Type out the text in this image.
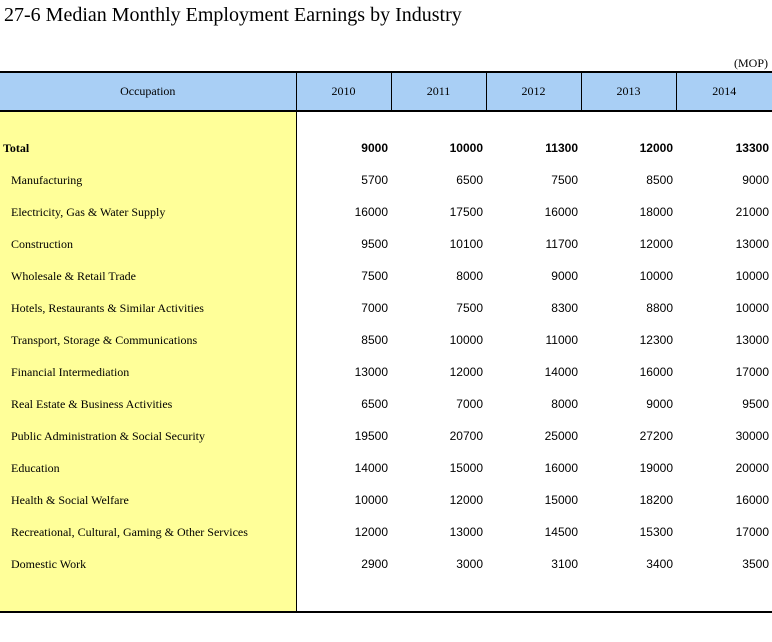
27-6 Median Monthly Employment Earnings by Industry
(MOP)
Occupation	2010	2011	2012	2013	2014

Total	9000	10000	11300	12000	13300
Manufacturing	5700	6500	7500	8500	9000
Electricity, Gas & Water Supply	16000	17500	16000	18000	21000
Construction	9500	10100	11700	12000	13000
Wholesale & Retail Trade	7500	8000	9000	10000	10000
Hotels, Restaurants & Similar Activities	7000	7500	8300	8800	10000
Transport, Storage & Communications	8500	10000	11000	12300	13000
Financial Intermediation	13000	12000	14000	16000	17000
Real Estate & Business Activities	6500	7000	8000	9000	9500
Public Administration & Social Security	19500	20700	25000	27200	30000
Education	14000	15000	16000	19000	20000
Health & Social Welfare	10000	12000	15000	18200	16000
Recreational, Cultural, Gaming & Other Services	12000	13000	14500	15300	17000
Domestic Work	2900	3000	3100	3400	3500
